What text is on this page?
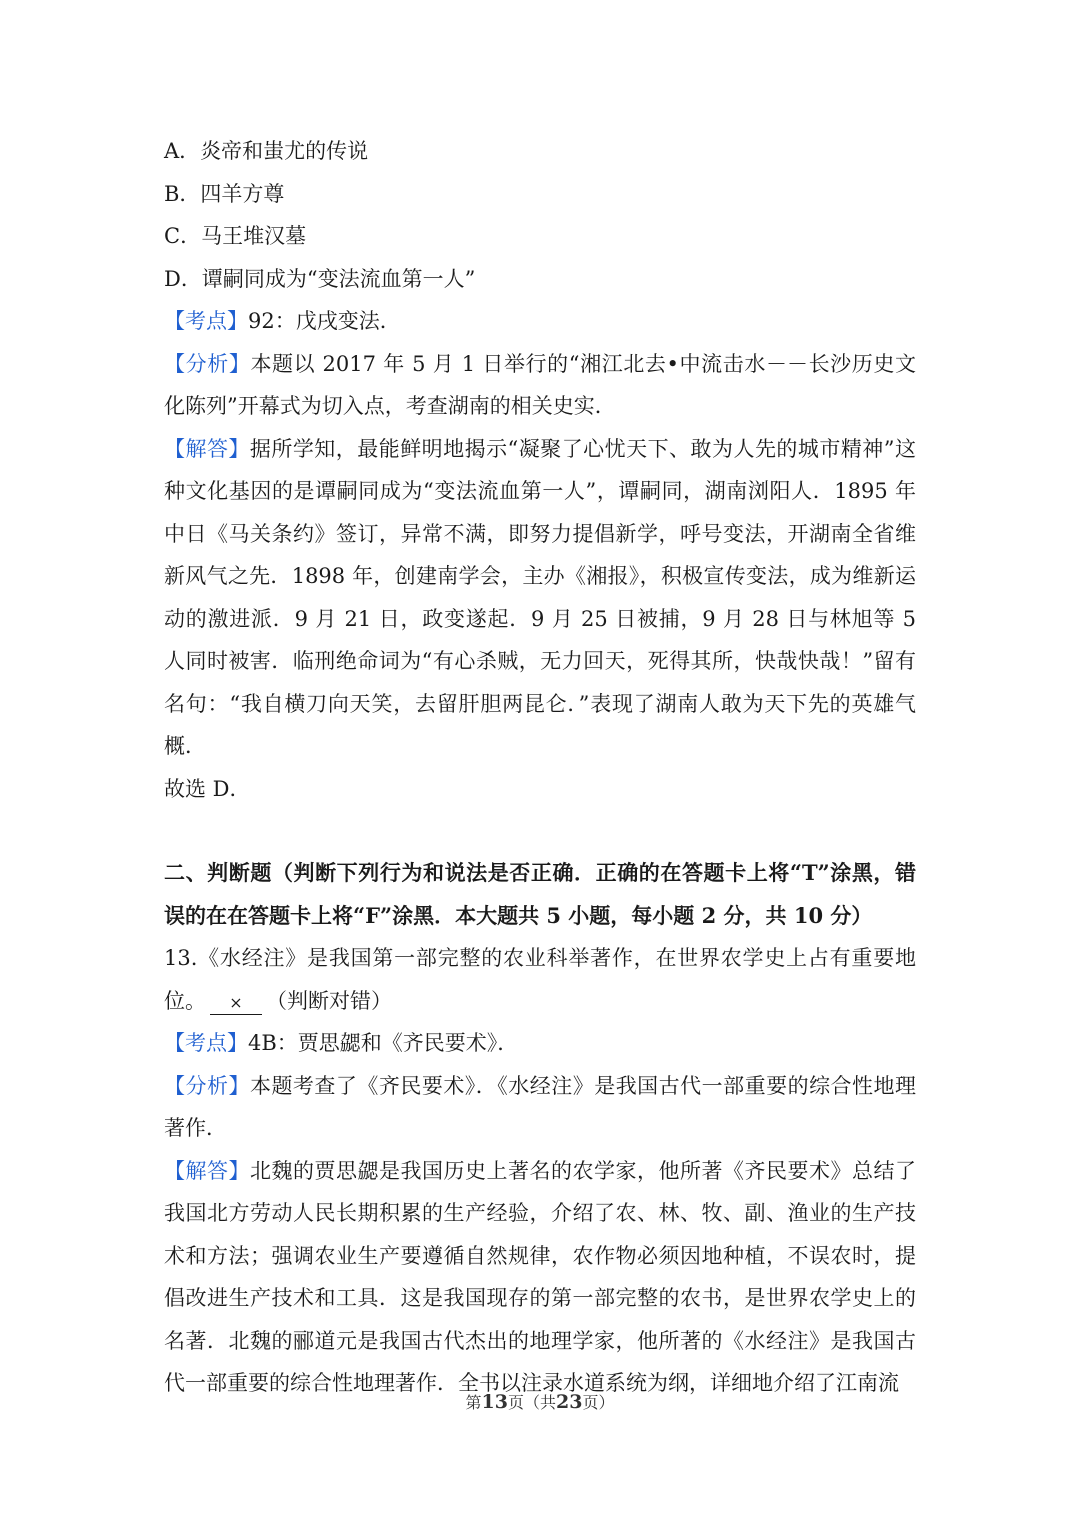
A．炎帝和蚩尤的传说
B．四羊方尊
C．马王堆汉墓
D．谭嗣同成为“变法流血第一人”
【考点】92：戊戌变法．
【分析】本题以 2017 年 5 月 1 日举行的“湘江北去•中流击水－－长沙历史文化陈列”开幕式为切入点，考查湖南的相关史实．
【解答】据所学知，最能鲜明地揭示“凝聚了心忧天下、敢为人先的城市精神”这种文化基因的是谭嗣同成为“变法流血第一人”，谭嗣同，湖南浏阳人．1895 年中日《马关条约》签订，异常不满，即努力提倡新学，呼号变法，开湖南全省维新风气之先．1898 年，创建南学会，主办《湘报》，积极宣传变法，成为维新运动的激进派．9 月 21 日，政变遂起．9 月 25 日被捕，9 月 28 日与林旭等 5 人同时被害．临刑绝命词为“有心杀贼，无力回天，死得其所，快哉快哉！”留有名句：“我自横刀向天笑，去留肝胆两昆仑．”表现了湖南人敢为天下先的英雄气概．
故选 D．
二、判断题（判断下列行为和说法是否正确．正确的在答题卡上将“T”涂黑，错误的在在答题卡上将“F”涂黑．本大题共 5 小题，每小题 2 分，共 10 分）
13.《水经注》是我国第一部完整的农业科举著作，在世界农学史上占有重要地位。 × （判断对错）
【考点】4B：贾思勰和《齐民要术》．
【分析】本题考查了《齐民要术》．《水经注》是我国古代一部重要的综合性地理著作．
【解答】北魏的贾思勰是我国历史上著名的农学家，他所著《齐民要术》总结了我国北方劳动人民长期积累的生产经验，介绍了农、林、牧、副、渔业的生产技术和方法；强调农业生产要遵循自然规律，农作物必须因地种植，不误农时，提倡改进生产技术和工具．这是我国现存的第一部完整的农书，是世界农学史上的名著．北魏的郦道元是我国古代杰出的地理学家，他所著的《水经注》是我国古代一部重要的综合性地理著作．全书以注录水道系统为纲，详细地介绍了江南流
第13页（共23页）
